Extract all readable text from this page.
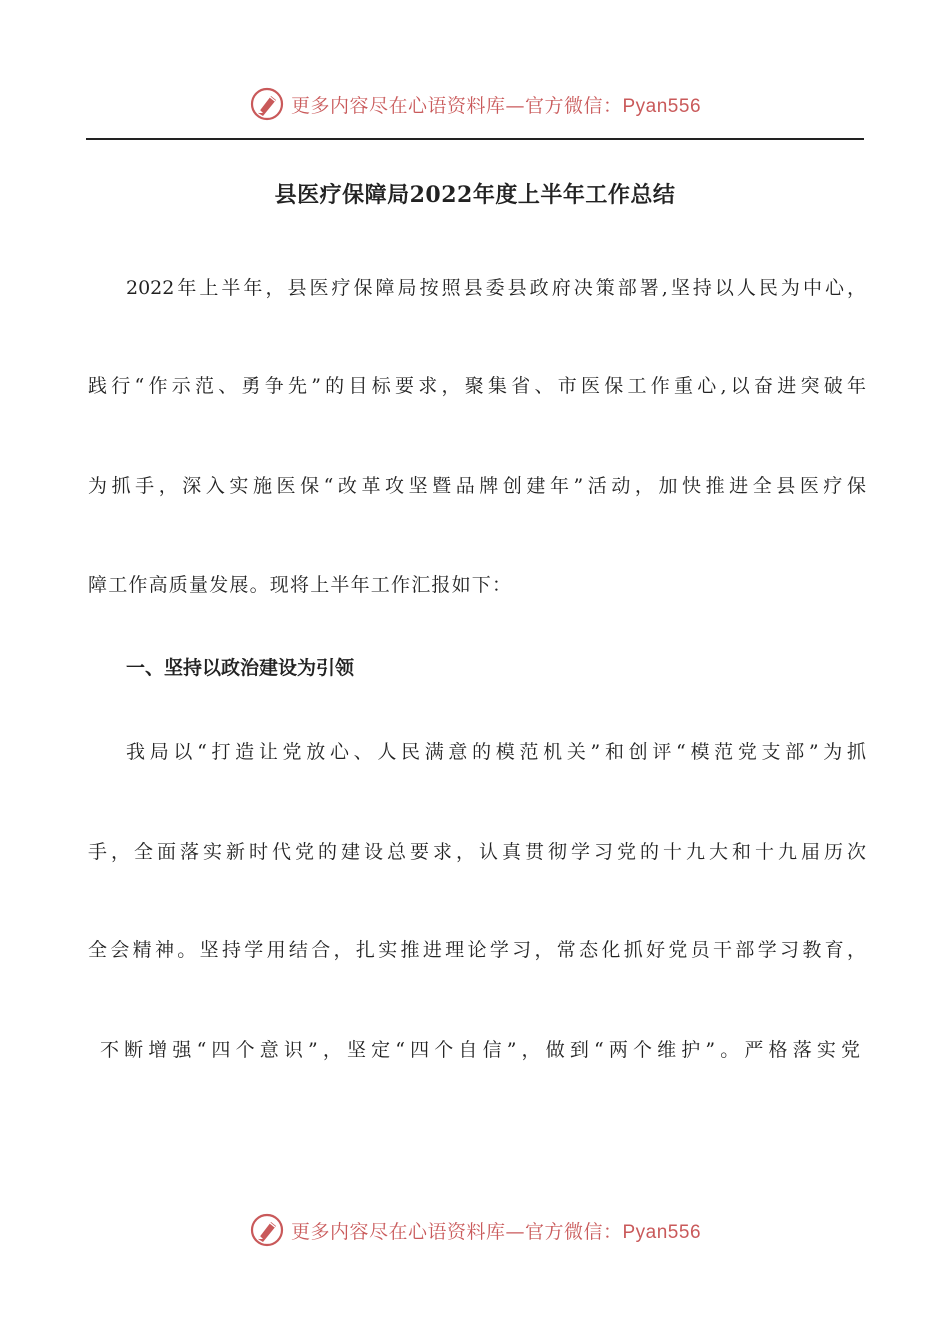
更多内容尽在心语资料库—官方微信：Pyan556
县医疗保障局2022年度上半年工作总结
2022年上半年，县医疗保障局按照县委县政府决策部署,坚持以人民为中心，
践行“作示范、勇争先”的目标要求，聚集省、市医保工作重心,以奋进突破年
为抓手，深入实施医保“改革攻坚暨品牌创建年”活动，加快推进全县医疗保
障工作高质量发展。现将上半年工作汇报如下：
一、坚持以政治建设为引领
我局以“打造让党放心、人民满意的模范机关”和创评“模范党支部”为抓
手，全面落实新时代党的建设总要求，认真贯彻学习党的十九大和十九届历次
全会精神。坚持学用结合，扎实推进理论学习，常态化抓好党员干部学习教育，
不断增强“四个意识”，坚定“四个自信”，做到“两个维护”。严格落实党
更多内容尽在心语资料库—官方微信：Pyan556
